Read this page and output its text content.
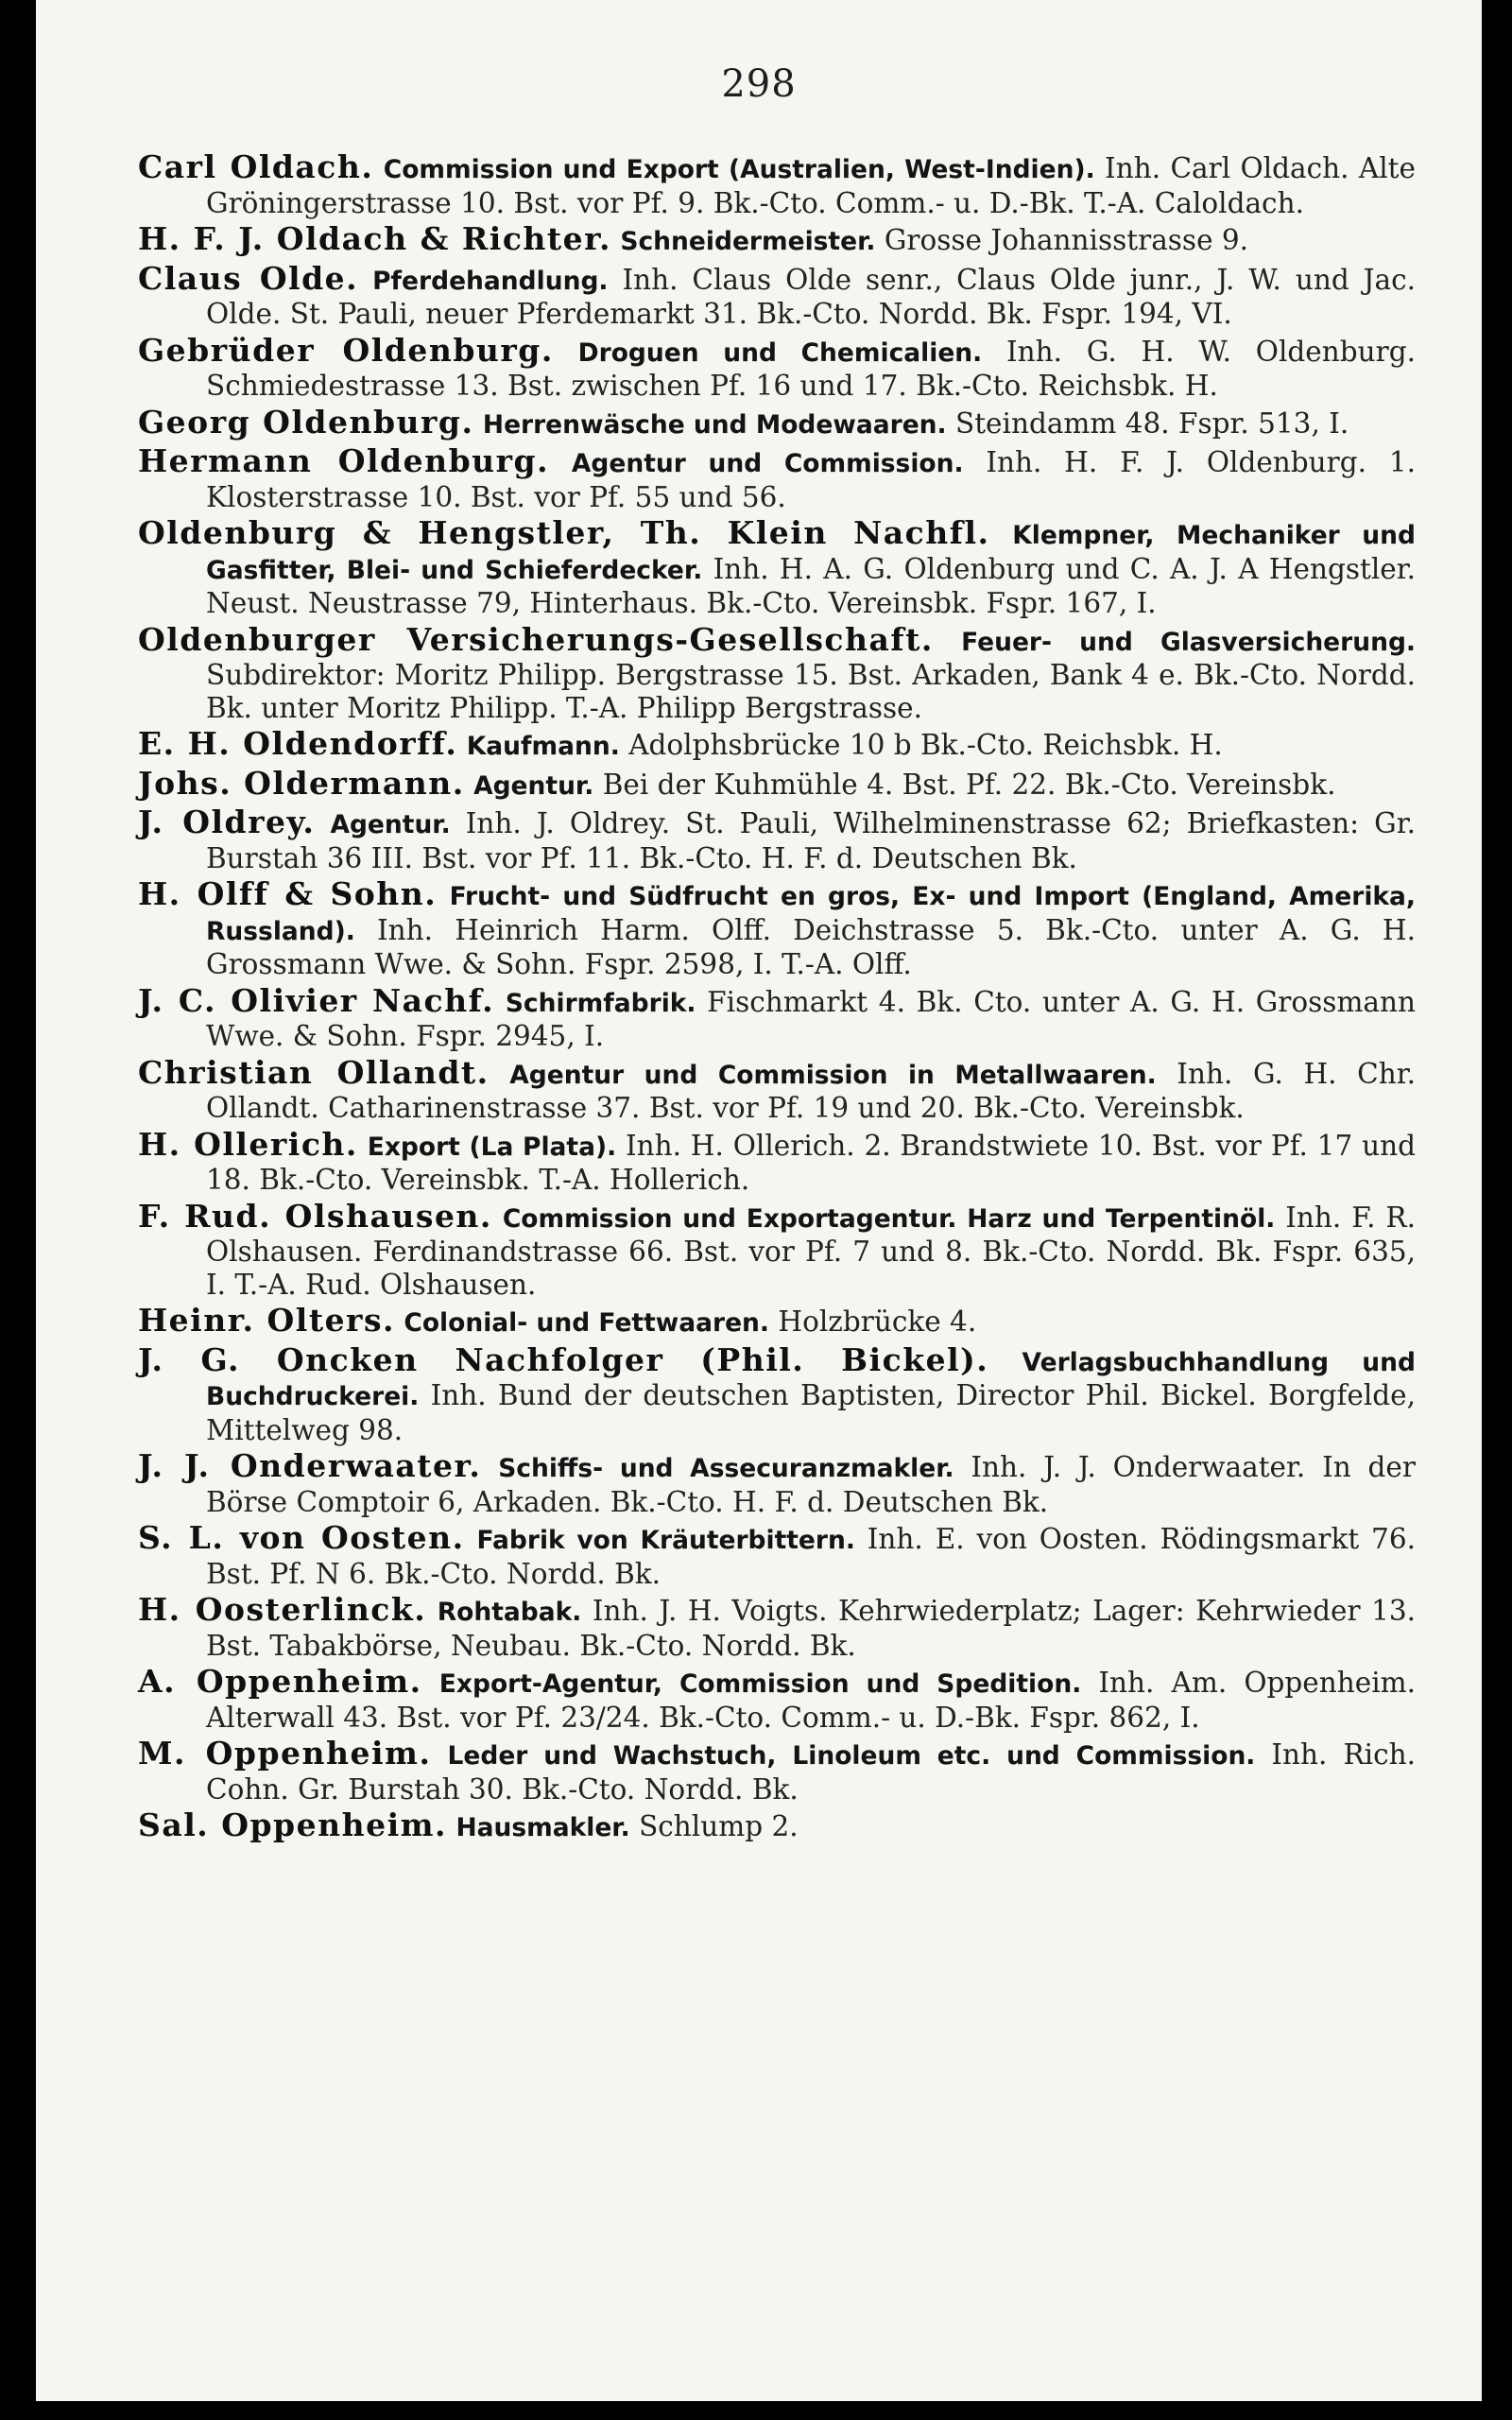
298

Carl Oldach. Commission und Export (Australien, West-Indien). Inh. Carl Oldach. Alte Gröningerstrasse 10. Bst. vor Pf. 9. Bk.-Cto. Comm.- u. D.-Bk. T.-A. Caloldach.

H. F. J. Oldach & Richter. Schneidermeister. Grosse Johannisstrasse 9.

Claus Olde. Pferdehandlung. Inh. Claus Olde senr., Claus Olde junr., J. W. und Jac. Olde. St. Pauli, neuer Pferdemarkt 31. Bk.-Cto. Nordd. Bk. Fspr. 194, VI.

Gebrüder Oldenburg. Droguen und Chemicalien. Inh. G. H. W. Oldenburg. Schmiedestrasse 13. Bst. zwischen Pf. 16 und 17. Bk.-Cto. Reichsbk. H.

Georg Oldenburg. Herrenwäsche und Modewaaren. Steindamm 48. Fspr. 513, I.

Hermann Oldenburg. Agentur und Commission. Inh. H. F. J. Oldenburg. 1. Klosterstrasse 10. Bst. vor Pf. 55 und 56.

Oldenburg & Hengstler, Th. Klein Nachfl. Klempner, Mechaniker und Gasfitter, Blei- und Schieferdecker. Inh. H. A. G. Oldenburg und C. A. J. A Hengstler. Neust. Neustrasse 79, Hinterhaus. Bk.-Cto. Vereinsbk. Fspr. 167, I.

Oldenburger Versicherungs-Gesellschaft. Feuer- und Glasversicherung. Subdirektor: Moritz Philipp. Bergstrasse 15. Bst. Arkaden, Bank 4 e. Bk.-Cto. Nordd. Bk. unter Moritz Philipp. T.-A. Philipp Bergstrasse.

E. H. Oldendorff. Kaufmann. Adolphsbrücke 10 b Bk.-Cto. Reichsbk. H.

Johs. Oldermann. Agentur. Bei der Kuhmühle 4. Bst. Pf. 22. Bk.-Cto. Vereinsbk.

J. Oldrey. Agentur. Inh. J. Oldrey. St. Pauli, Wilhelminenstrasse 62; Briefkasten: Gr. Burstah 36 III. Bst. vor Pf. 11. Bk.-Cto. H. F. d. Deutschen Bk.

H. Olff & Sohn. Frucht- und Südfrucht en gros, Ex- und Import (England, Amerika, Russland). Inh. Heinrich Harm. Olff. Deichstrasse 5. Bk.-Cto. unter A. G. H. Grossmann Wwe. & Sohn. Fspr. 2598, I. T.-A. Olff.

J. C. Olivier Nachf. Schirmfabrik. Fischmarkt 4. Bk. Cto. unter A. G. H. Grossmann Wwe. & Sohn. Fspr. 2945, I.

Christian Ollandt. Agentur und Commission in Metallwaaren. Inh. G. H. Chr. Ollandt. Catharinenstrasse 37. Bst. vor Pf. 19 und 20. Bk.-Cto. Vereinsbk.

H. Ollerich. Export (La Plata). Inh. H. Ollerich. 2. Brandstwiete 10. Bst. vor Pf. 17 und 18. Bk.-Cto. Vereinsbk. T.-A. Hollerich.

F. Rud. Olshausen. Commission und Exportagentur. Harz und Terpentinöl. Inh. F. R. Olshausen. Ferdinandstrasse 66. Bst. vor Pf. 7 und 8. Bk.-Cto. Nordd. Bk. Fspr. 635, I. T.-A. Rud. Olshausen.

Heinr. Olters. Colonial- und Fettwaaren. Holzbrücke 4.

J. G. Oncken Nachfolger (Phil. Bickel). Verlagsbuchhandlung und Buchdruckerei. Inh. Bund der deutschen Baptisten, Director Phil. Bickel. Borgfelde, Mittelweg 98.

J. J. Onderwaater. Schiffs- und Assecuranzmakler. Inh. J. J. Onderwaater. In der Börse Comptoir 6, Arkaden. Bk.-Cto. H. F. d. Deutschen Bk.

S. L. von Oosten. Fabrik von Kräuterbittern. Inh. E. von Oosten. Rödingsmarkt 76. Bst. Pf. N 6. Bk.-Cto. Nordd. Bk.

H. Oosterlinck. Rohtabak. Inh. J. H. Voigts. Kehrwiederplatz; Lager: Kehrwieder 13. Bst. Tabakbörse, Neubau. Bk.-Cto. Nordd. Bk.

A. Oppenheim. Export-Agentur, Commission und Spedition. Inh. Am. Oppenheim. Alterwall 43. Bst. vor Pf. 23/24. Bk.-Cto. Comm.- u. D.-Bk. Fspr. 862, I.

M. Oppenheim. Leder und Wachstuch, Linoleum etc. und Commission. Inh. Rich. Cohn. Gr. Burstah 30. Bk.-Cto. Nordd. Bk.

Sal. Oppenheim. Hausmakler. Schlump 2.
